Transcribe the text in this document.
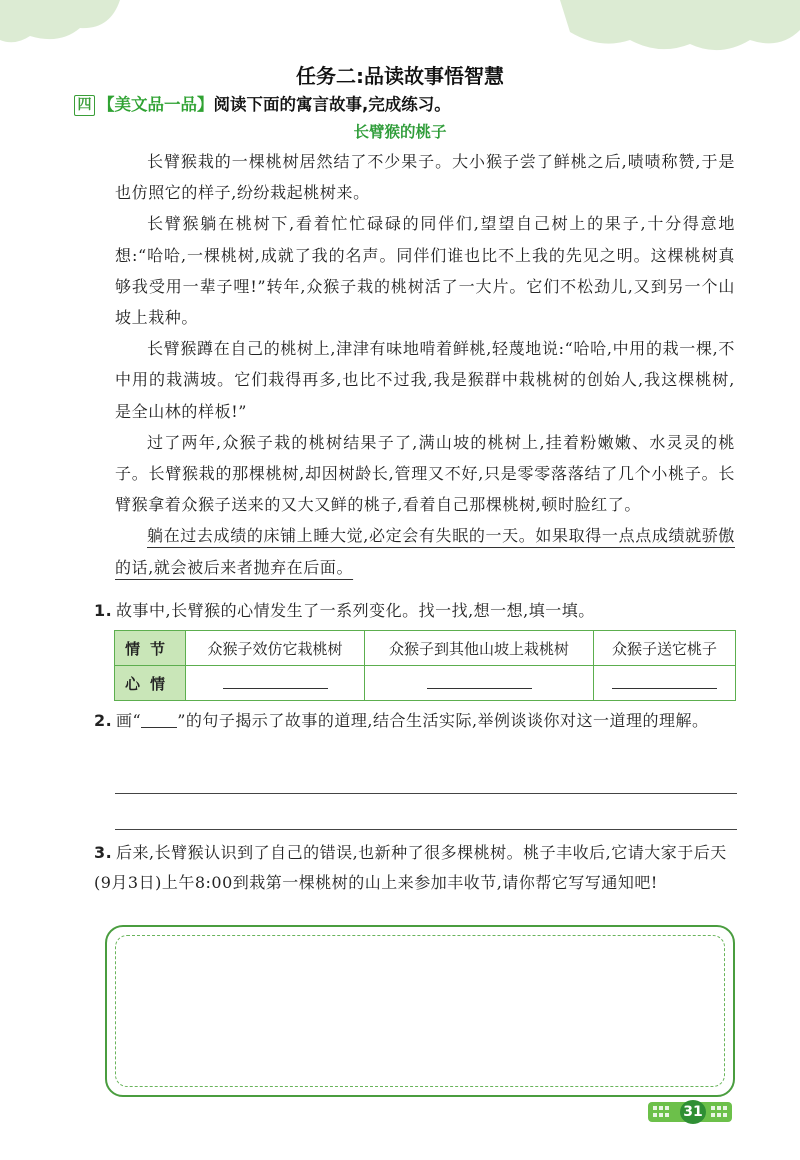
任务二:品读故事悟智慧
四 【美文品一品】阅读下面的寓言故事,完成练习。
长臂猴的桃子

长臂猴栽的一棵桃树居然结了不少果子。大小猴子尝了鲜桃之后,啧啧称赞,于是也仿照它的样子,纷纷栽起桃树来。

长臂猴躺在桃树下,看着忙忙碌碌的同伴们,望望自己树上的果子,十分得意地想:“哈哈,一棵桃树,成就了我的名声。同伴们谁也比不上我的先见之明。这棵桃树真够我受用一辈子哩!”转年,众猴子栽的桃树活了一大片。它们不松劲儿,又到另一个山坡上栽种。

长臂猴蹲在自己的桃树上,津津有味地啃着鲜桃,轻蔑地说:“哈哈,中用的栽一棵,不中用的栽满坡。它们栽得再多,也比不过我,我是猴群中栽桃树的创始人,我这棵桃树,是全山林的样板!”

过了两年,众猴子栽的桃树结果子了,满山坡的桃树上,挂着粉嫩嫩、水灵灵的桃子。长臂猴栽的那棵桃树,却因树龄长,管理又不好,只是零零落落结了几个小桃子。长臂猴拿着众猴子送来的又大又鲜的桃子,看着自己那棵桃树,顿时脸红了。

躺在过去成绩的床铺上睡大觉,必定会有失眠的一天。如果取得一点点成绩就骄傲的话,就会被后来者抛弃在后面。

1. 故事中,长臂猴的心情发生了一系列变化。找一找,想一想,填一填。
情节	众猴子效仿它栽桃树	众猴子到其他山坡上栽桃树	众猴子送它桃子
心情			
2. 画“ ”的句子揭示了故事的道理,结合生活实际,举例谈谈你对这一道理的理解。
3. 后来,长臂猴认识到了自己的错误,也新种了很多棵桃树。桃子丰收后,它请大家于后天(9月3日)上午8:00到栽第一棵桃树的山上来参加丰收节,请你帮它写写通知吧!
31
